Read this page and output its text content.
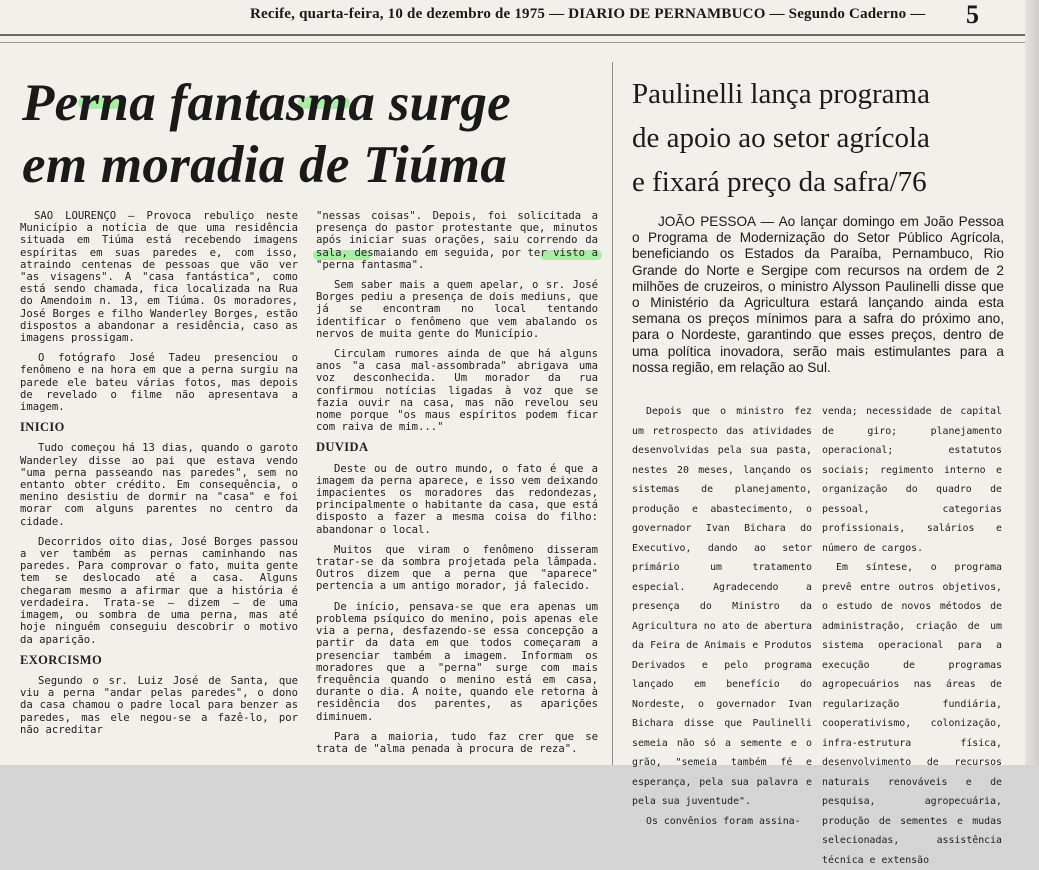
Recife, quarta-feira, 10 de dezembro de 1975 — DIARIO DE PERNAMBUCO — Segundo Caderno — 5
Perna fantasma surge
em moradia de Tiúma

SAO LOURENÇO — Provoca rebuliço neste Município a notícia de que uma residência situada em Tiúma está recebendo imagens espíritas em suas paredes e, com isso, atraindo centenas de pessoas que vão ver "as visagens". A "casa fantástica", como está sendo chamada, fica localizada na Rua do Amendoim n. 13, em Tiúma. Os moradores, José Borges e filho Wanderley Borges, estão dispostos a abandonar a residência, caso as imagens prossigam.

O fotógrafo José Tadeu presenciou o fenômeno e na hora em que a perna surgiu na parede ele bateu várias fotos, mas depois de revelado o filme não apresentava a imagem.

INICIO

Tudo começou há 13 dias, quando o garoto Wanderley disse ao pai que estava vendo "uma perna passeando nas paredes", sem no entanto obter crédito. Em consequência, o menino desistiu de dormir na "casa" e foi morar com alguns parentes no centro da cidade.

Decorridos oito dias, José Borges passou a ver também as pernas caminhando nas paredes. Para comprovar o fato, muita gente tem se deslocado até a casa. Alguns chegaram mesmo a afirmar que a história é verdadeira. Trata-se — dizem — de uma imagem, ou sombra de uma perna, mas até hoje ninguém conseguiu descobrir o motivo da aparição.

EXORCISMO

Segundo o sr. Luiz José de Santa, que viu a perna "andar pelas paredes", o dono da casa chamou o padre local para benzer as paredes, mas ele negou-se a fazê-lo, por não acreditar

"nessas coisas". Depois, foi solicitada a presença do pastor protestante que, minutos após iniciar suas orações, saiu correndo da sala, desmaiando em seguida, por ter visto a "perna fantasma".

Sem saber mais a quem apelar, o sr. José Borges pediu a presença de dois mediuns, que já se encontram no local tentando identificar o fenômeno que vem abalando os nervos de muita gente do Município.

Circulam rumores ainda de que há alguns anos "a casa mal-assombrada" abrigava uma voz desconhecida. Um morador da rua confirmou notícias ligadas à voz que se fazia ouvir na casa, mas não revelou seu nome porque "os maus espíritos podem ficar com raiva de mim..."

DUVIDA

Deste ou de outro mundo, o fato é que a imagem da perna aparece, e isso vem deixando impacientes os moradores das redondezas, principalmente o habitante da casa, que está disposto a fazer a mesma coisa do filho: abandonar o local.

Muitos que viram o fenômeno disseram tratar-se da sombra projetada pela lâmpada. Outros dizem que a perna que "aparece" pertencia a um antigo morador, já falecido.

De início, pensava-se que era apenas um problema psíquico do menino, pois apenas ele via a perna, desfazendo-se essa concepção a partir da data em que todos começaram a presenciar também a imagem. Informam os moradores que a "perna" surge com mais frequência quando o menino está em casa, durante o dia. A noite, quando ele retorna à residência dos parentes, as aparições diminuem.

Para a maioria, tudo faz crer que se trata de "alma penada à procura de reza".

Paulinelli lança programa
de apoio ao setor agrícola
e fixará preço da safra/76

JOÃO PESSOA — Ao lançar domingo em João Pessoa o Programa de Modernização do Setor Público Agrícola, beneficiando os Estados da Paraíba, Pernambuco, Rio Grande do Norte e Sergipe com recursos na ordem de 2 milhões de cruzeiros, o ministro Alysson Paulinelli disse que o Ministério da Agricultura estará lançando ainda esta semana os preços mínimos para a safra do próximo ano, para o Nordeste, garantindo que esses preços, dentro de uma política inovadora, serão mais estimulantes para a nossa região, em relação ao Sul.

Depois que o ministro fez um retrospecto das atividades desenvolvidas pela sua pasta, nestes 20 meses, lançando os sistemas de planejamento, produção e abastecimento, o governador Ivan Bichara do Executivo, dando ao setor primário um tratamento especial. Agradecendo a presença do Ministro da Agricultura no ato de abertura da Feira de Animais e Produtos Derivados e pelo programa lançado em benefício do Nordeste, o governador Ivan Bichara disse que Paulinelli semeia não só a semente e o grão, "semeia também fé e esperança, pela sua palavra e pela sua juventude".

Os convênios foram assina-

venda; necessidade de capital de giro; planejamento operacional; estatutos sociais; regimento interno e organização do quadro de pessoal, categorias profissionais, salários e número de cargos.

Em síntese, o programa prevê entre outros objetivos, o estudo de novos métodos de administração, criação de um sistema operacional para a execução de programas agropecuários nas áreas de regularização fundiária, cooperativismo, colonização, infra-estrutura física, desenvolvimento de recursos naturais renováveis e de pesquisa, agropecuária, produção de sementes e mudas selecionadas, assistência técnica e extensão
